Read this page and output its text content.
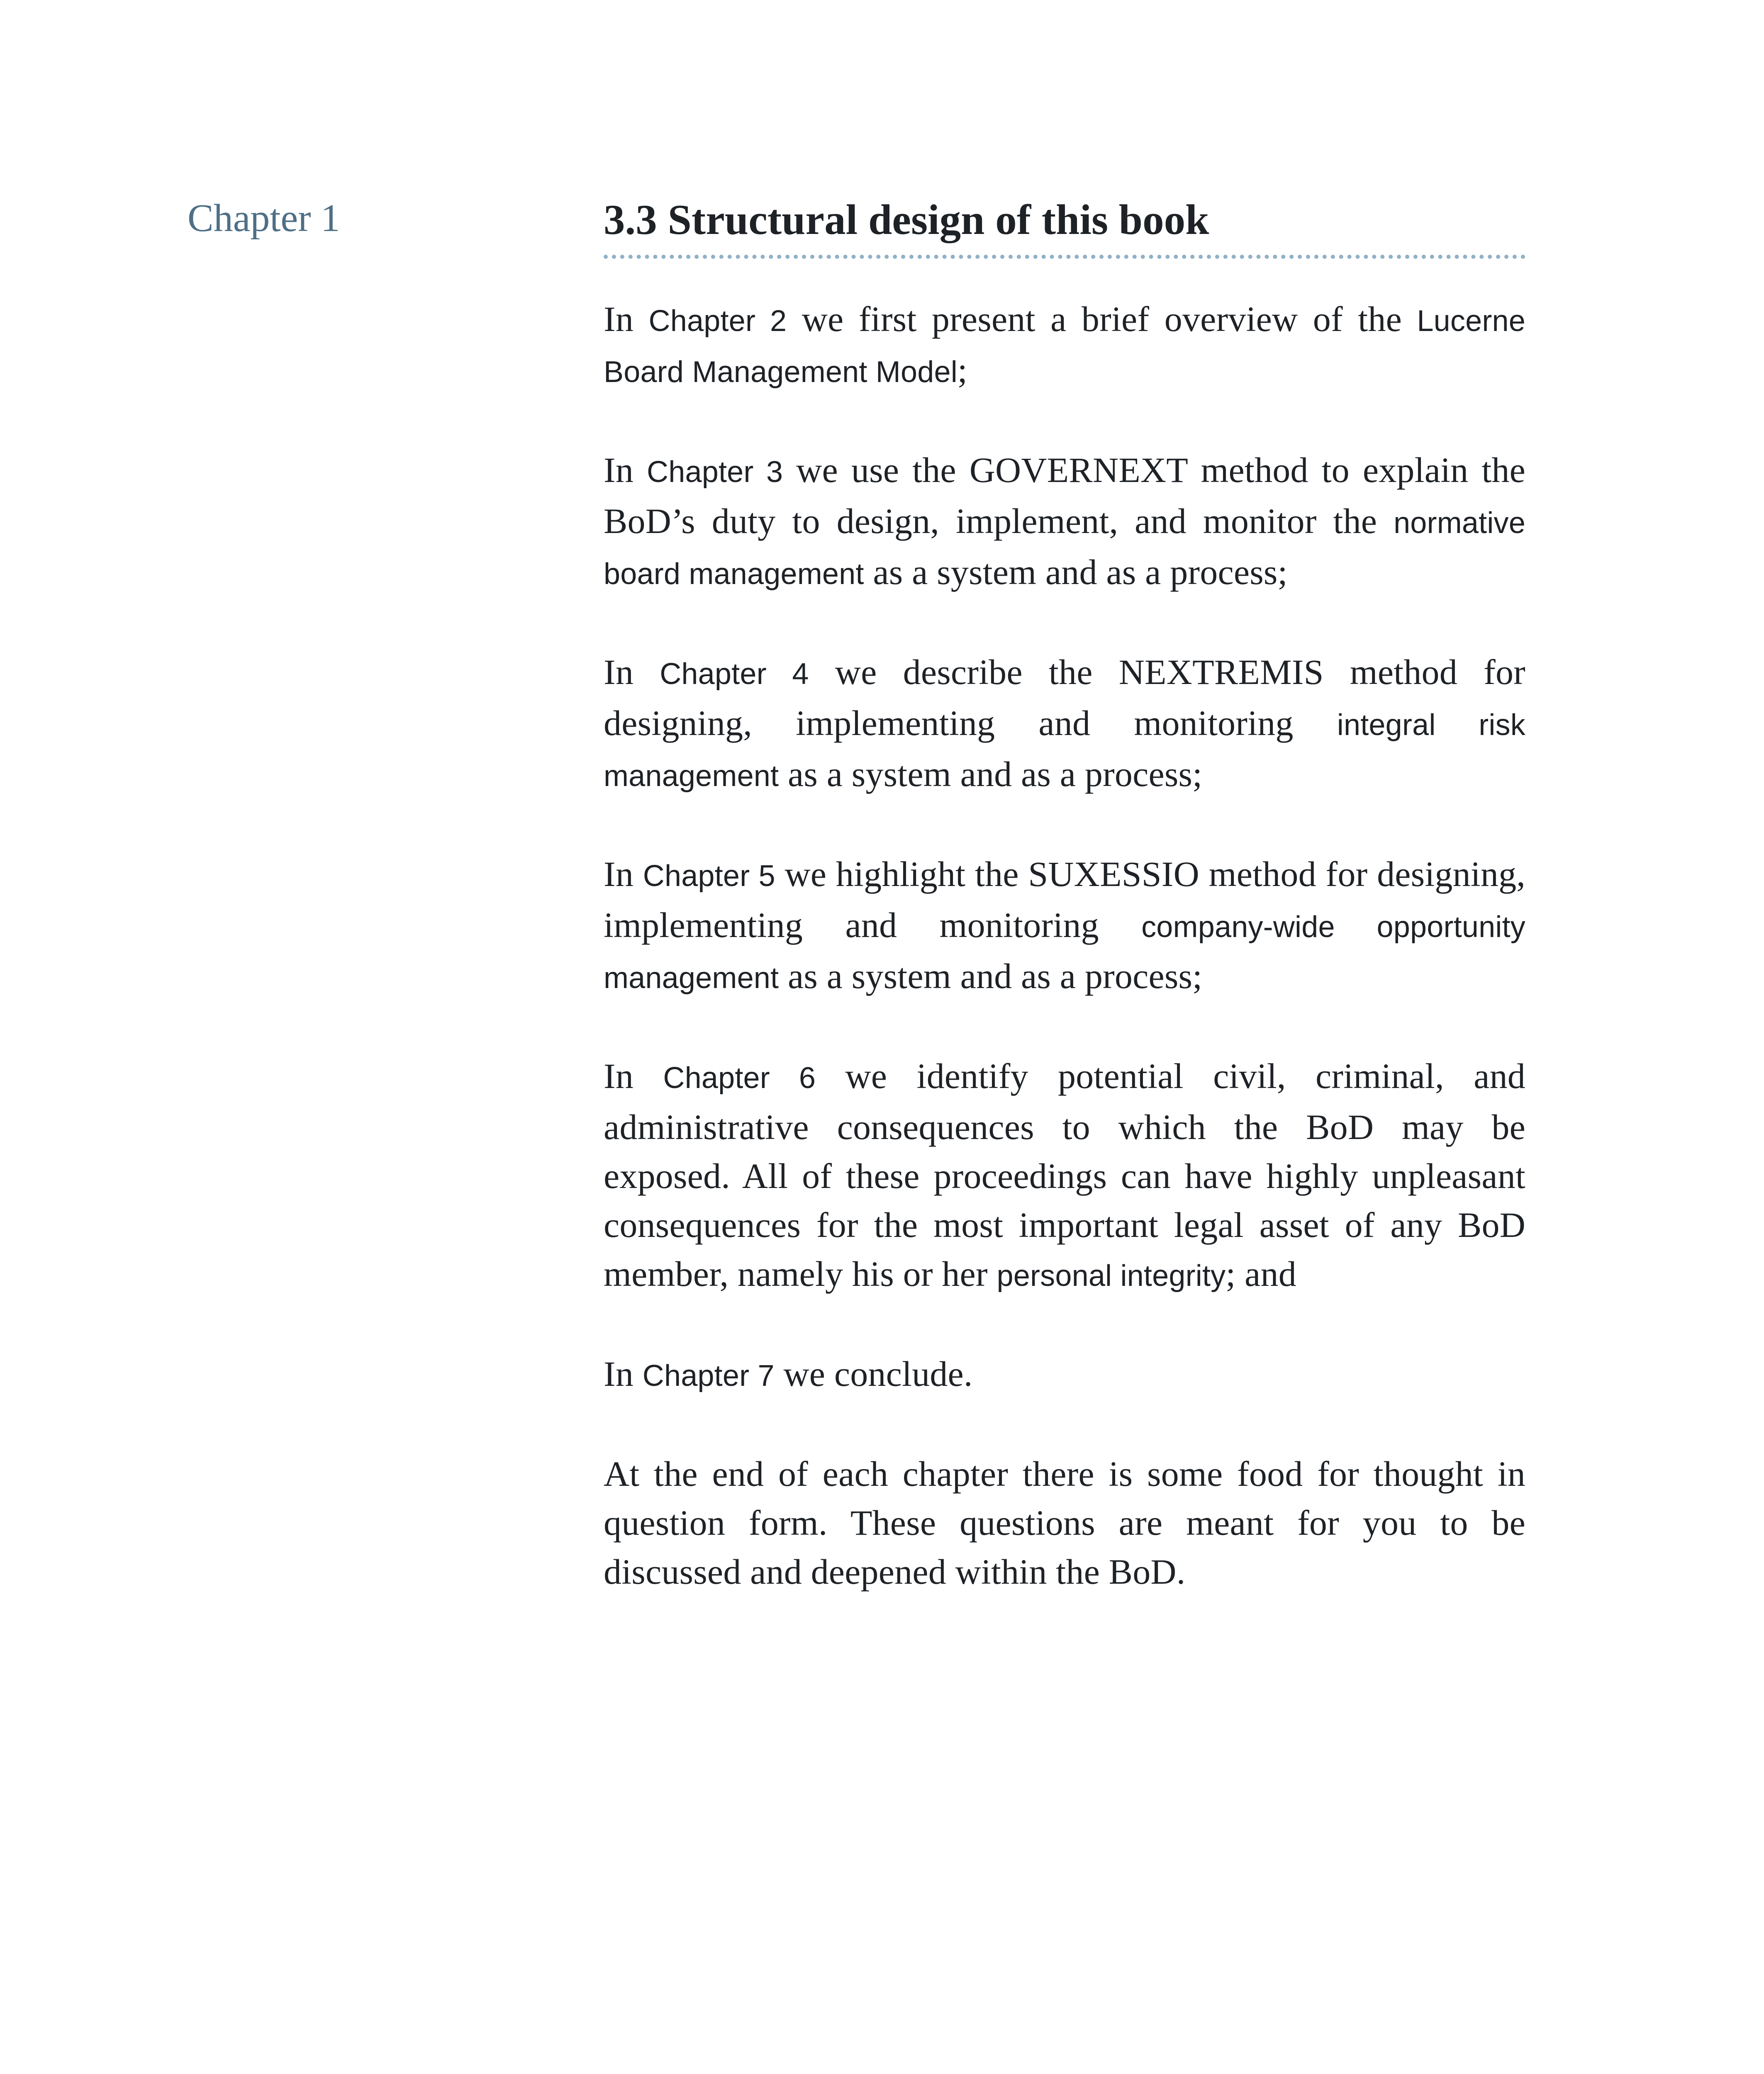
Chapter 1	3.3 Structural design of this book

In Chapter 2 we first present a brief overview of the Lucerne Board Management Model;

In Chapter 3 we use the GOVERNEXT method to explain the BoD’s duty to design, implement, and monitor the normative board management as a system and as a process;

In Chapter 4 we describe the NEXTREMIS method for designing, implementing and monitoring integral risk management as a system and as a process;

In Chapter 5 we highlight the SUXESSIO method for designing, implementing and monitoring company-wide opportunity management as a system and as a process;

In Chapter 6 we identify potential civil, criminal, and administrative consequences to which the BoD may be exposed. All of these proceedings can have highly unpleasant consequences for the most important legal asset of any BoD member, namely his or her personal integrity; and

In Chapter 7 we conclude.

At the end of each chapter there is some food for thought in question form. These questions are meant for you to be discussed and deepened within the BoD.
